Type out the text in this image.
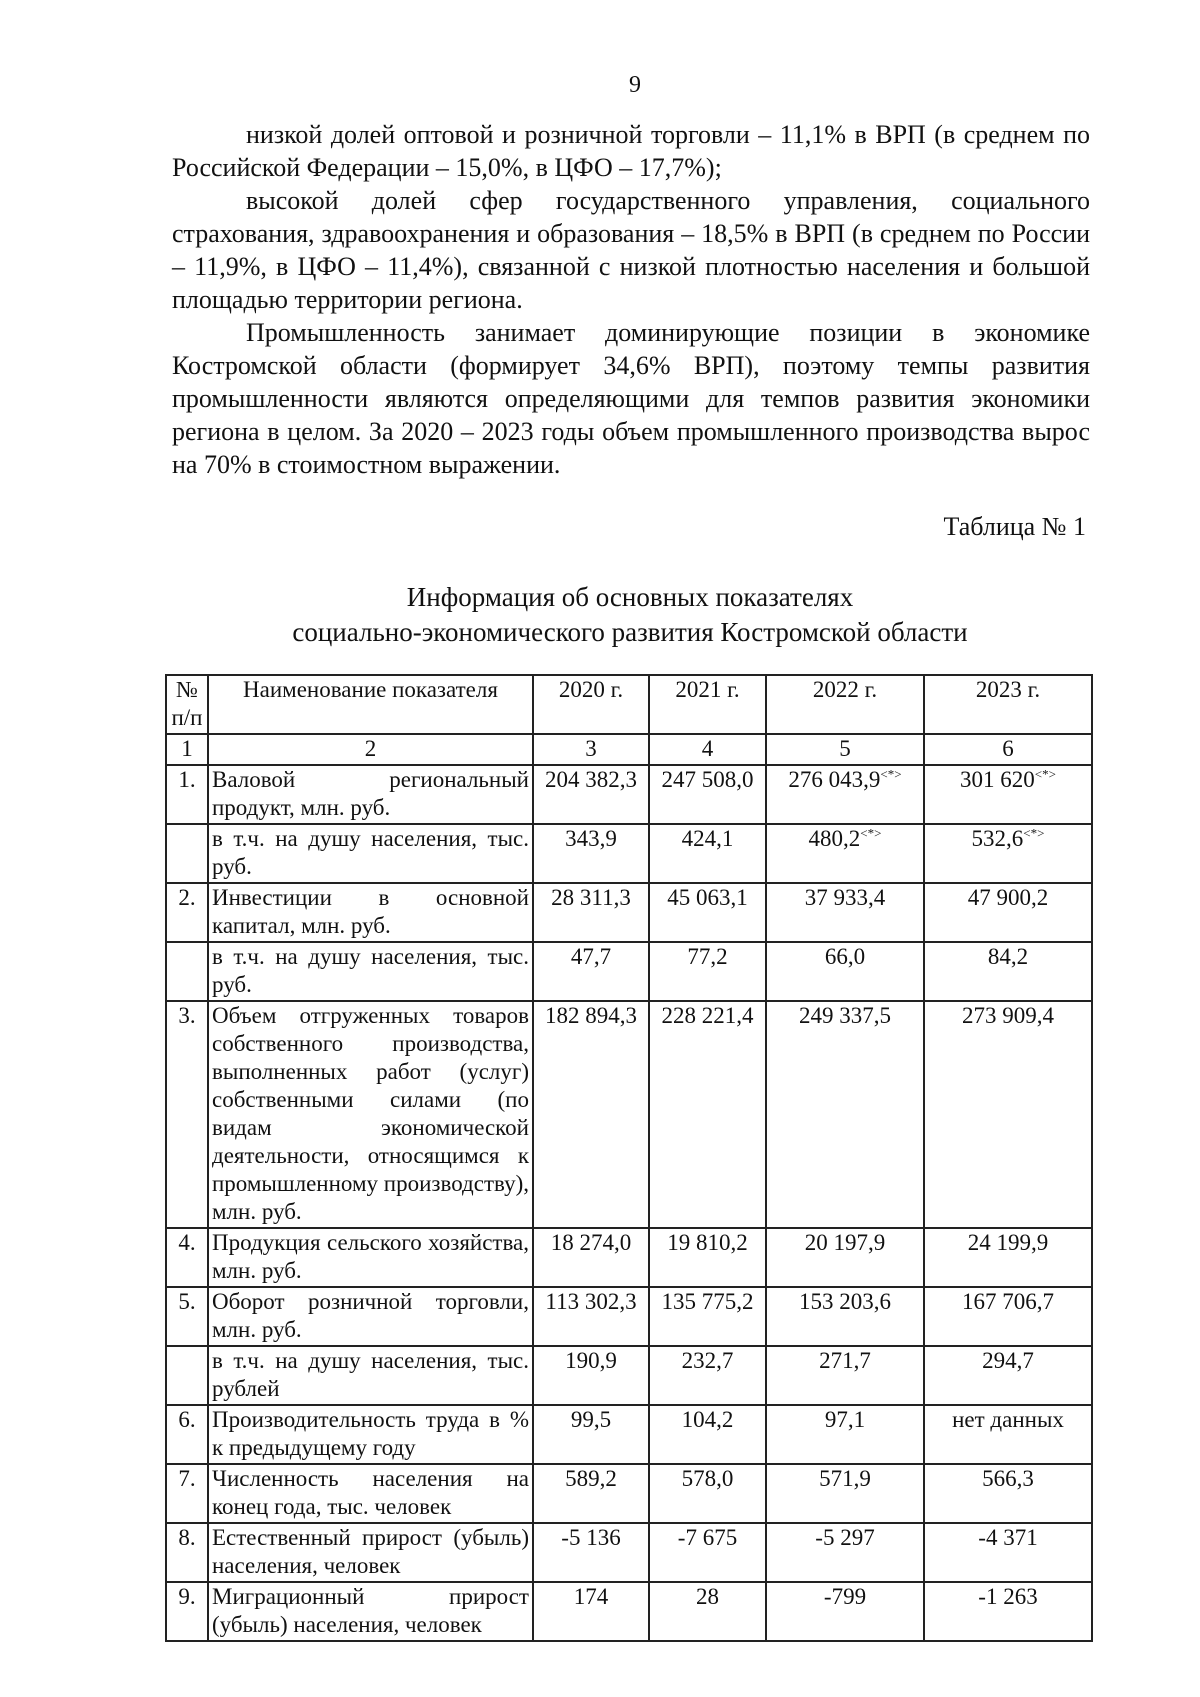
9

низкой долей оптовой и розничной торговли – 11,1% в ВРП (в среднем по Российской Федерации – 15,0%, в ЦФО – 17,7%);

высокой долей сфер государственного управления, социального страхования, здравоохранения и образования – 18,5% в ВРП (в среднем по России – 11,9%, в ЦФО – 11,4%), связанной с низкой плотностью населения и большой площадью территории региона.

Промышленность занимает доминирующие позиции в экономике Костромской области (формирует 34,6% ВРП), поэтому темпы развития промышленности являются определяющими для темпов развития экономики региона в целом. За 2020 – 2023 годы объем промышленного производства вырос на 70% в стоимостном выражении.

Таблица № 1
Информация об основных показателях
социально-экономического развития Костромской области
№ п/п	Наименование показателя	2020 г.	2021 г.	2022 г.	2023 г.
1	2	3	4	5	6
1.	Валовой региональный продукт, млн. руб.	204 382,3	247 508,0	276 043,9<*>	301 620<*>
	в т.ч. на душу населения, тыс. руб.	343,9	424,1	480,2<*>	532,6<*>
2.	Инвестиции в основной капитал, млн. руб.	28 311,3	45 063,1	37 933,4	47 900,2
	в т.ч. на душу населения, тыс. руб.	47,7	77,2	66,0	84,2
3.	Объем отгруженных товаров собственного производства, выполненных работ (услуг) собственными силами (по видам экономической деятельности, относящимся к промышленному производству), млн. руб.	182 894,3	228 221,4	249 337,5	273 909,4
4.	Продукция сельского хозяйства, млн. руб.	18 274,0	19 810,2	20 197,9	24 199,9
5.	Оборот розничной торговли, млн. руб.	113 302,3	135 775,2	153 203,6	167 706,7
	в т.ч. на душу населения, тыс. рублей	190,9	232,7	271,7	294,7
6.	Производительность труда в % к предыдущему году	99,5	104,2	97,1	нет данных
7.	Численность населения на конец года, тыс. человек	589,2	578,0	571,9	566,3
8.	Естественный прирост (убыль) населения, человек	-5 136	-7 675	-5 297	-4 371
9.	Миграционный прирост (убыль) населения, человек	174	28	-799	-1 263
